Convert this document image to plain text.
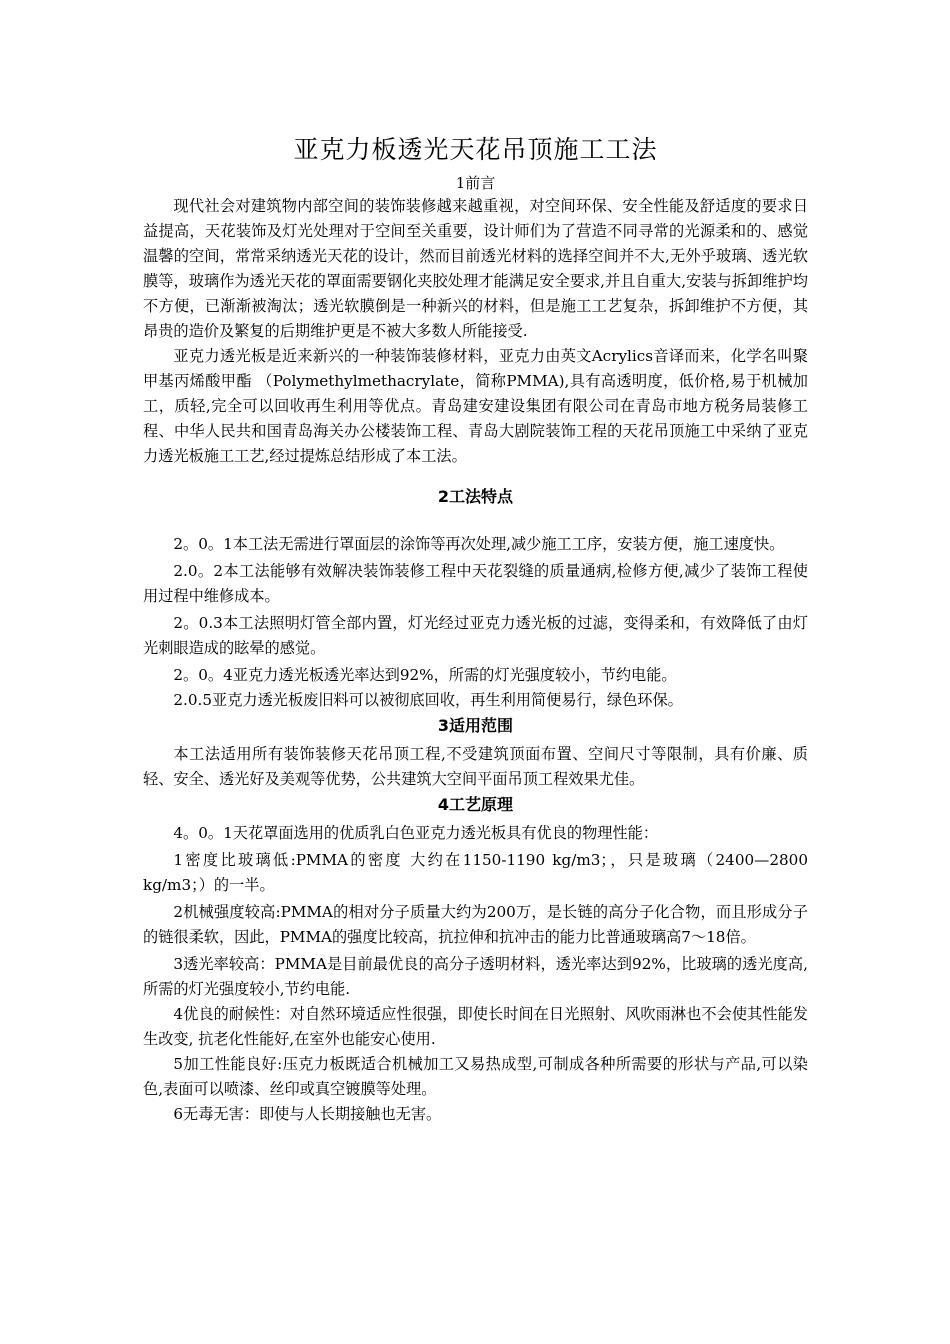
亚克力板透光天花吊顶施工工法
1前言

现代社会对建筑物内部空间的装饰装修越来越重视，对空间环保、安全性能及舒适度的要求日益提高，天花装饰及灯光处理对于空间至关重要，设计师们为了营造不同寻常的光源柔和的、感觉温馨的空间，常常采纳透光天花的设计，然而目前透光材料的选择空间并不大,无外乎玻璃、透光软膜等，玻璃作为透光天花的罩面需要钢化夹胶处理才能满足安全要求,并且自重大,安装与拆卸维护均不方便，已渐渐被淘汰；透光软膜倒是一种新兴的材料，但是施工工艺复杂，拆卸维护不方便，其昂贵的造价及繁复的后期维护更是不被大多数人所能接受.

亚克力透光板是近来新兴的一种装饰装修材料，亚克力由英文Acrylics音译而来，化学名叫聚甲基丙烯酸甲酯 （Polymethylmethacrylate，简称PMMA),具有高透明度，低价格,易于机械加工，质轻,完全可以回收再生利用等优点。青岛建安建设集团有限公司在青岛市地方税务局装修工程、中华人民共和国青岛海关办公楼装饰工程、青岛大剧院装饰工程的天花吊顶施工中采纳了亚克力透光板施工工艺,经过提炼总结形成了本工法。

2工法特点

2。0。1本工法无需进行罩面层的涂饰等再次处理,减少施工工序，安装方便，施工速度快。

2.0。2本工法能够有效解决装饰装修工程中天花裂缝的质量通病,检修方便,减少了装饰工程使用过程中维修成本。

2。0.3本工法照明灯管全部内置，灯光经过亚克力透光板的过滤，变得柔和，有效降低了由灯光刺眼造成的眩晕的感觉。

2。0。4亚克力透光板透光率达到92%，所需的灯光强度较小，节约电能。

2.0.5亚克力透光板废旧料可以被彻底回收，再生利用简便易行，绿色环保。

3适用范围

本工法适用所有装饰装修天花吊顶工程,不受建筑顶面布置、空间尺寸等限制，具有价廉、质轻、安全、透光好及美观等优势，公共建筑大空间平面吊顶工程效果尤佳。

4工艺原理

4。0。1天花罩面选用的优质乳白色亚克力透光板具有优良的物理性能：

1密度比玻璃低:PMMA的密度 大约在1150-1190 kg/m3；，只是玻璃（2400—2800 kg/m3；）的一半。

2机械强度较高:PMMA的相对分子质量大约为200万，是长链的高分子化合物，而且形成分子的链很柔软，因此，PMMA的强度比较高，抗拉伸和抗冲击的能力比普通玻璃高7～18倍。

3透光率较高：PMMA是目前最优良的高分子透明材料，透光率达到92%，比玻璃的透光度高,所需的灯光强度较小,节约电能.

4优良的耐候性：对自然环境适应性很强，即使长时间在日光照射、风吹雨淋也不会使其性能发生改变, 抗老化性能好,在室外也能安心使用.

5加工性能良好:压克力板既适合机械加工又易热成型,可制成各种所需要的形状与产品,可以染色,表面可以喷漆、丝印或真空镀膜等处理。

6无毒无害：即使与人长期接触也无害。
